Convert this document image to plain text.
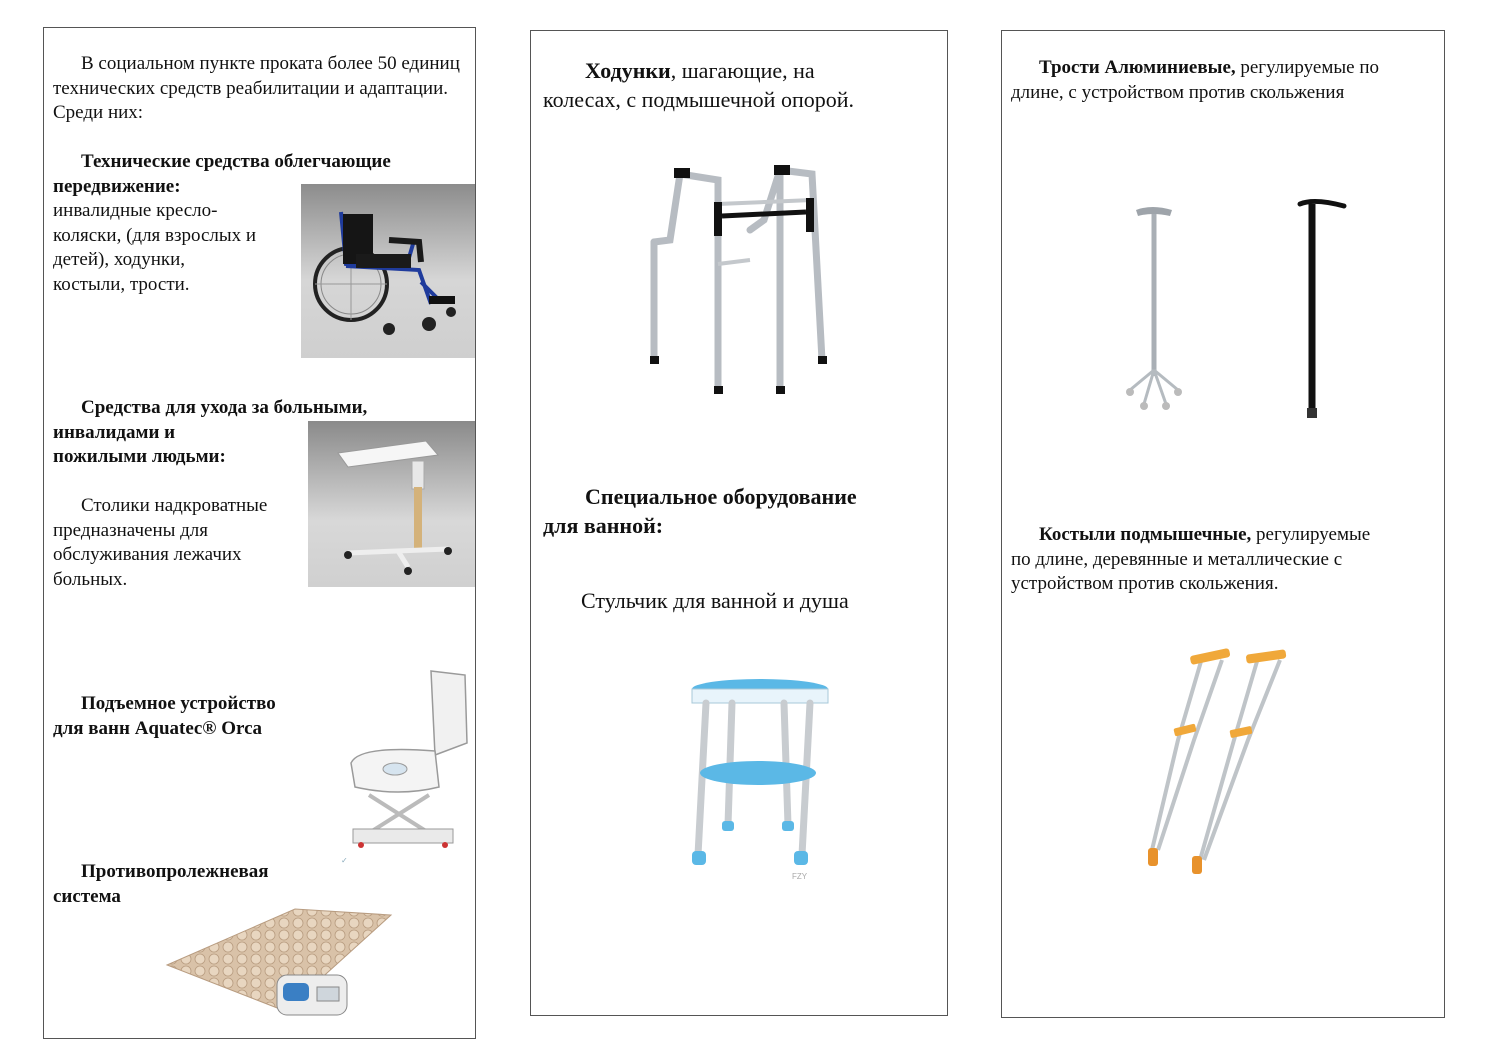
В социальном пункте проката более 50 единиц технических средств реабилитации и адаптации. Среди них:

Технические средства облегчающие
передвижение:

инвалидные кресло-
коляски, (для взрослых и
детей), ходунки,
костыли, трости.

Средства для ухода за больными,
инвалидами и
пожилыми людьми:

Столики надкроватные
предназначены для
обслуживания лежачих
больных.

Подъемное устройство
для ванн Aquatec® Orca

✓

Противопролежневая
система

Ходунки, шагающие, на
колесах, с подмышечной опорой.

Специальное оборудование
для ванной:

Стульчик для ванной и душа

FZY

Трости Алюминиевые, регулируемые по
длине, с устройством против скольжения

Костыли подмышечные, регулируемые
по длине, деревянные и металлические с
устройством против скольжения.
